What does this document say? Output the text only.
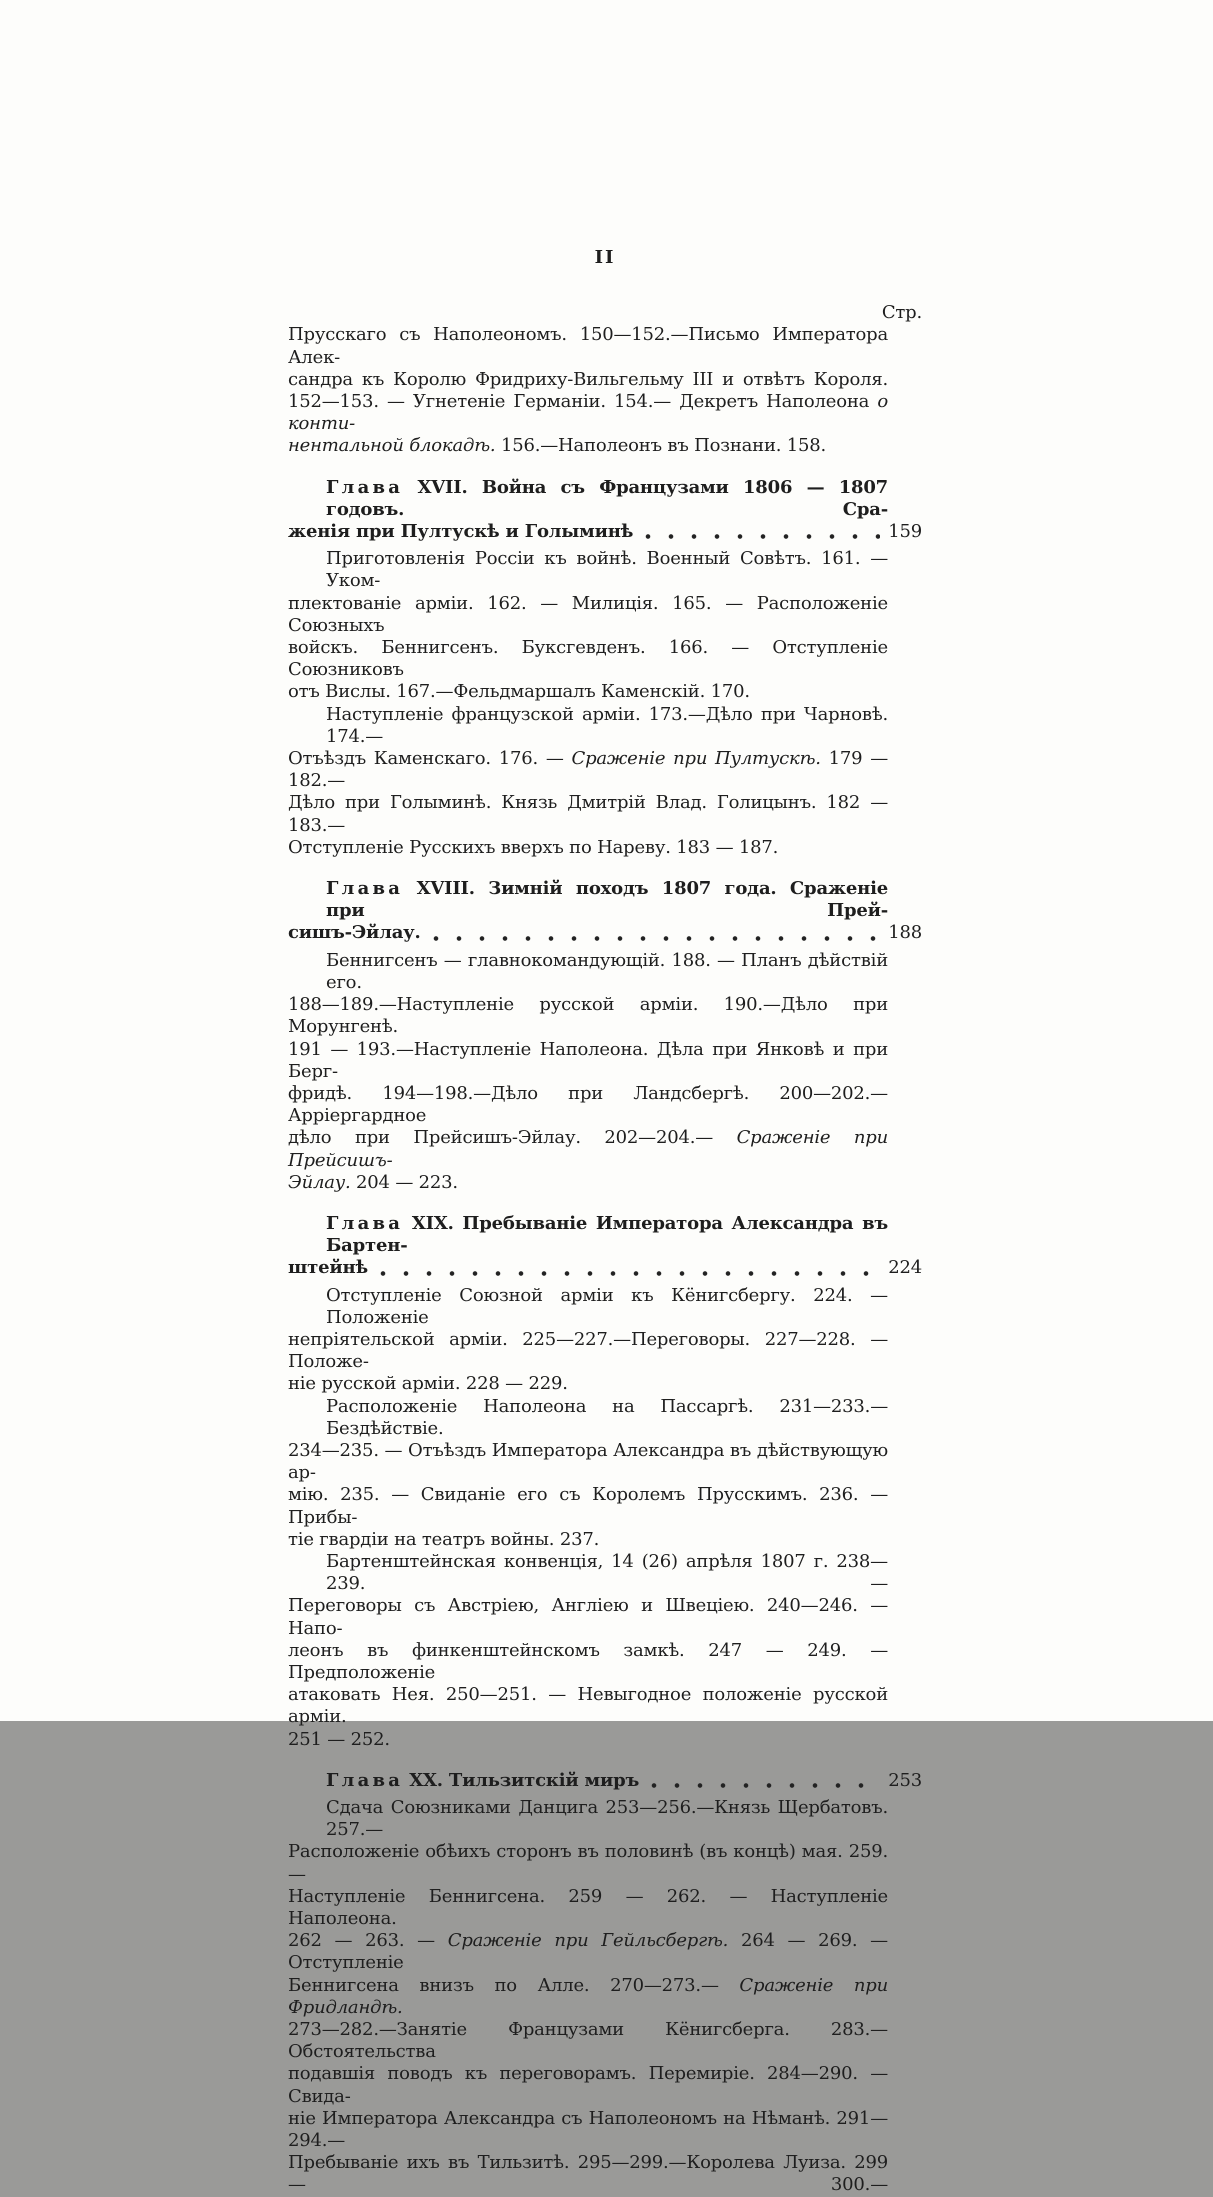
II
Стр.
Прусскаго съ Наполеономъ. 150—152.—Письмо Императора Алек-
сандра къ Королю Фридриху-Вильгельму III и отвѣтъ Короля.
152—153. — Угнетеніе Германіи. 154.— Декретъ Наполеона о конти-
нентальной блокадѣ. 156.—Наполеонъ въ Познани. 158.
Глава XVII. Война съ Французами 1806 — 1807 годовъ. Сра-
женія при Пултускѣ и Голыминѣ	159
Приготовленія Россіи къ войнѣ. Военный Совѣтъ. 161. — Уком-
плектованіе арміи. 162. — Милиція. 165. — Расположеніе Союзныхъ
войскъ. Беннигсенъ. Буксгевденъ. 166. — Отступленіе Союзниковъ
отъ Вислы. 167.—Фельдмаршалъ Каменскій. 170.
Наступленіе французской арміи. 173.—Дѣло при Чарновѣ. 174.—
Отъѣздъ Каменскаго. 176. — Сраженіе при Пултускѣ. 179 — 182.—
Дѣло при Голыминѣ. Князь Дмитрій Влад. Голицынъ. 182 — 183.—
Отступленіе Русскихъ вверхъ по Нареву. 183 — 187.
Глава XVIII. Зимній походъ 1807 года. Сраженіе при Прей-
сишъ-Эйлау.	188
Беннигсенъ — главнокомандующій. 188. — Планъ дѣйствій его.
188—189.—Наступленіе русской арміи. 190.—Дѣло при Морунгенѣ.
191 — 193.—Наступленіе Наполеона. Дѣла при Янковѣ и при Берг-
фридѣ. 194—198.—Дѣло при Ландсбергѣ. 200—202.— Арріергардное
дѣло при Прейсишъ-Эйлау. 202—204.— Сраженіе при Прейсишъ-
Эйлау. 204 — 223.
Глава XIX. Пребываніе Императора Александра въ Бартен-
штейнѣ	224
Отступленіе Союзной арміи къ Кёнигсбергу. 224. — Положеніе
непріятельской арміи. 225—227.—Переговоры. 227—228. — Положе-
ніе русской арміи. 228 — 229.
Расположеніе Наполеона на Пассаргѣ. 231—233.—Бездѣйствіе.
234—235. — Отъѣздъ Императора Александра въ дѣйствующую ар-
мію. 235. — Свиданіе его съ Королемъ Прусскимъ. 236. — Прибы-
тіе гвардіи на театръ войны. 237.
Бартенштейнская конвенція, 14 (26) апрѣля 1807 г. 238—239. —
Переговоры съ Австріею, Англіею и Швеціею. 240—246. — Напо-
леонъ въ финкенштейнскомъ замкѣ. 247 — 249. — Предположеніе
атаковать Нея. 250—251. — Невыгодное положеніе русской арміи.
251 — 252.
Глава XX. Тильзитскій миръ	253
Сдача Союзниками Данцига 253—256.—Князь Щербатовъ. 257.—
Расположеніе обѣихъ сторонъ въ половинѣ (въ концѣ) мая. 259.—
Наступленіе Беннигсена. 259 — 262. — Наступленіе Наполеона.
262 — 263. — Сраженіе при Гейльсбергѣ. 264 — 269. — Отступленіе
Беннигсена внизъ по Алле. 270—273.— Сраженіе при Фридландѣ.
273—282.—Занятіе Французами Кёнигсберга. 283.—Обстоятельства
подавшія поводъ къ переговорамъ. Перемиріе. 284—290. — Свида-
ніе Императора Александра съ Наполеономъ на Нѣманѣ. 291—294.—
Пребываніе ихъ въ Тильзитѣ. 295—299.—Королева Луиза. 299— 300.—
